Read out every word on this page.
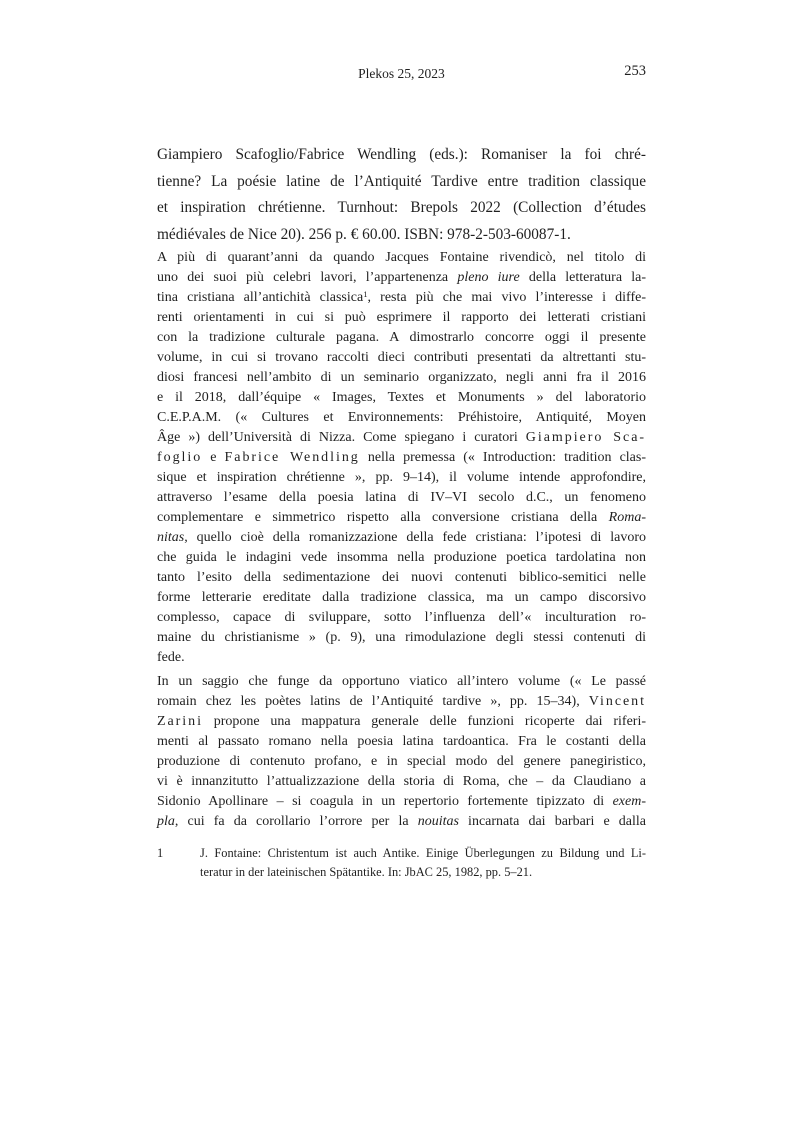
Plekos 25, 2023	253
Giampiero Scafoglio/Fabrice Wendling (eds.): Romaniser la foi chré-
tienne? La poésie latine de l’Antiquité Tardive entre tradition classique
et inspiration chrétienne. Turnhout: Brepols 2022 (Collection d’études
médiévales de Nice 20). 256 p. € 60.00. ISBN: 978-2-503-60087-1.
A più di quarant’anni da quando Jacques Fontaine rivendicò, nel titolo di
uno dei suoi più celebri lavori, l’appartenenza pleno iure della letteratura la-
tina cristiana all’antichità classica$^1$, resta più che mai vivo l’interesse i diffe-
renti orientamenti in cui si può esprimere il rapporto dei letterati cristiani
con la tradizione culturale pagana. A dimostrarlo concorre oggi il presente
volume, in cui si trovano raccolti dieci contributi presentati da altrettanti stu-
diosi francesi nell’ambito di un seminario organizzato, negli anni fra il 2016
e il 2018, dall’équipe « Images, Textes et Monuments » del laboratorio
C.E.P.A.M. (« Cultures et Environnements: Préhistoire, Antiquité, Moyen
Âge ») dell’Università di Nizza. Come spiegano i curatori Giampiero Sca-
foglio e Fabrice Wendling nella premessa (« Introduction: tradition clas-
sique et inspiration chrétienne », pp. 9–14), il volume intende approfondire,
attraverso l’esame della poesia latina di IV–VI secolo d.C., un fenomeno
complementare e simmetrico rispetto alla conversione cristiana della Roma-
nitas, quello cioè della romanizzazione della fede cristiana: l’ipotesi di lavoro
che guida le indagini vede insomma nella produzione poetica tardolatina non
tanto l’esito della sedimentazione dei nuovi contenuti biblico-semitici nelle
forme letterarie ereditate dalla tradizione classica, ma un campo discorsivo
complesso, capace di sviluppare, sotto l’influenza dell’« inculturation ro-
maine du christianisme » (p. 9), una rimodulazione degli stessi contenuti di
fede.
In un saggio che funge da opportuno viatico all’intero volume (« Le passé
romain chez les poètes latins de l’Antiquité tardive », pp. 15–34), Vincent
Zarini propone una mappatura generale delle funzioni ricoperte dai riferi-
menti al passato romano nella poesia latina tardoantica. Fra le costanti della
produzione di contenuto profano, e in special modo del genere panegiristico,
vi è innanzitutto l’attualizzazione della storia di Roma, che – da Claudiano a
Sidonio Apollinare – si coagula in un repertorio fortemente tipizzato di exem-
pla, cui fa da corollario l’orrore per la nouitas incarnata dai barbari e dalla
1	J. Fontaine: Christentum ist auch Antike. Einige Überlegungen zu Bildung und Li-
teratur in der lateinischen Spätantike. In: JbAC 25, 1982, pp. 5–21.
